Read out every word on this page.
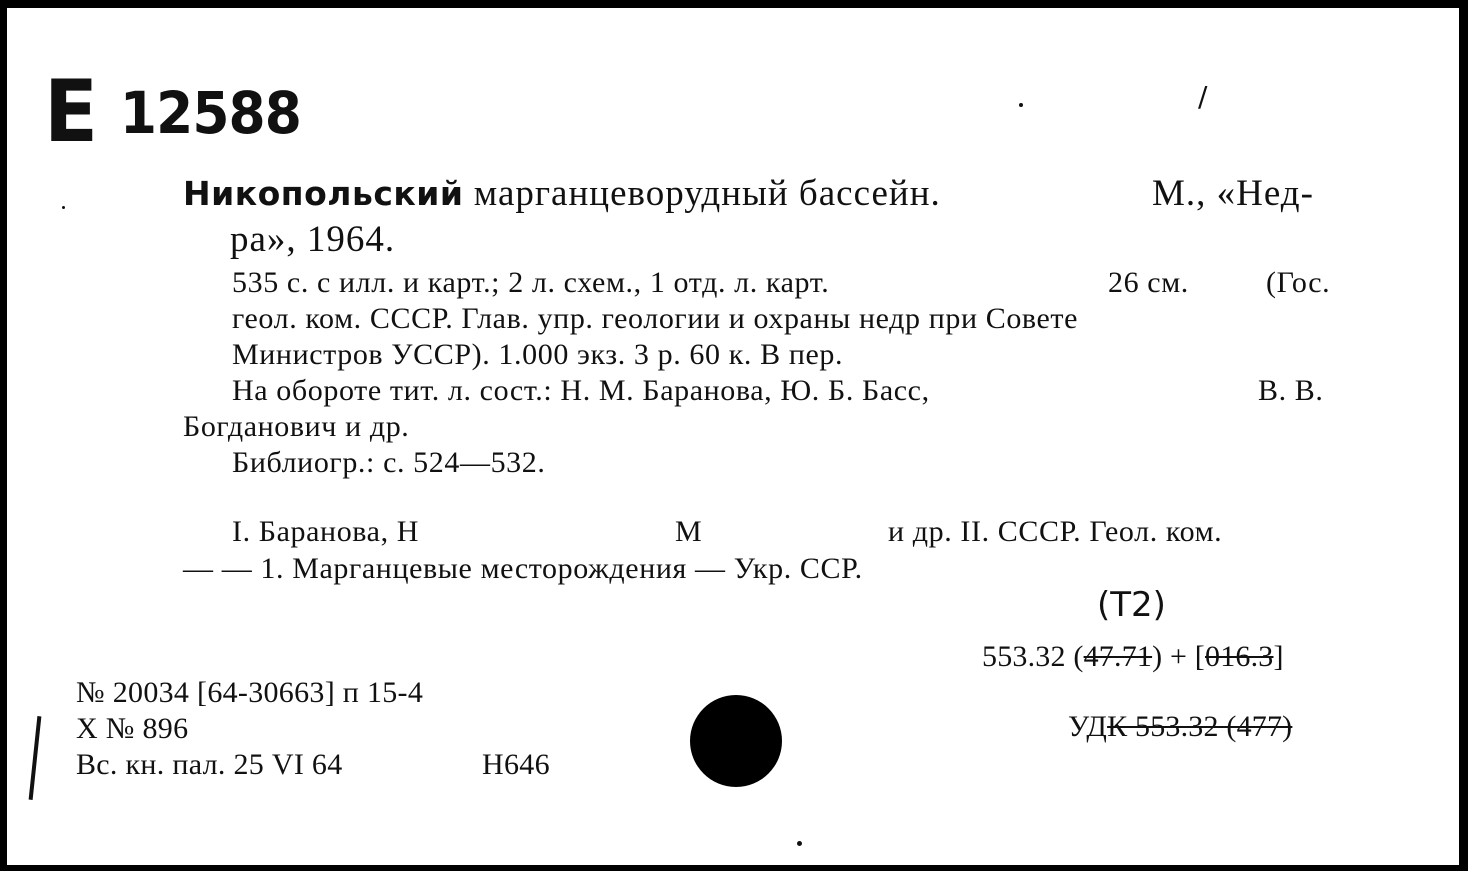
Е 12588	/
Никопольский марганцеворудный бассейн.	М., «Нед-
ра», 1964.
535 с. с илл. и карт.; 2 л. схем., 1 отд. л. карт.	26 см.	(Гос.
геол. ком. СССР. Глав. упр. геологии и охраны недр при Совете
Министров УССР). 1.000 экз. 3 р. 60 к. В пер.
На обороте тит. л. сост.: Н. М. Баранова, Ю. Б. Басс,	В. В.
Богданович и др.
Библиогр.: с. 524—532.
I. Баранова, Н	М	и др. II. СССР. Геол. ком.
— — 1. Марганцевые месторождения — Укр. ССР.
(Т2)
553.32 (47.71) + [016.3]
УДК 553.32 (477)
№ 20034 [64-30663] п 15-4
Х № 896
Вс. кн. пал. 25 VI 64	Н646
